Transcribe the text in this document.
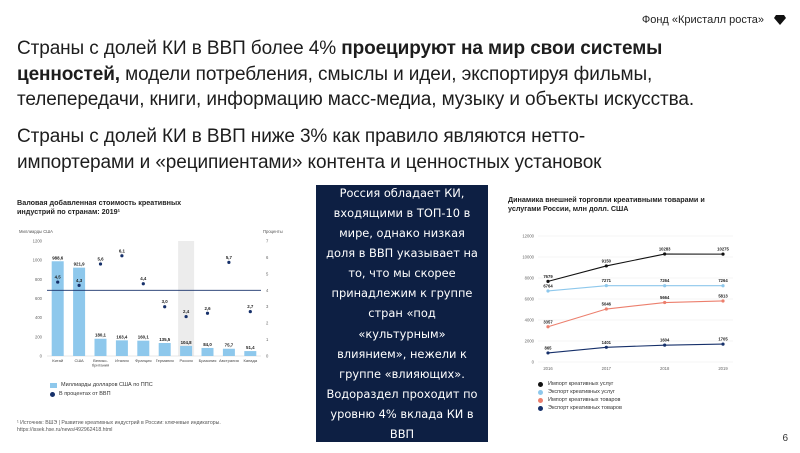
Фонд «Кристалл роста»

Страны с долей КИ в ВВП более 4% проецируют на мир свои системы ценностей, модели потребления, смыслы и идеи, экспортируя фильмы, телепередачи, книги, информацию масс-медиа, музыку и объекты искусства.

Страны с долей КИ в ВВП ниже 3% как правило являются нетто-импортерами и «реципиентами» контента и ценностных установок

Валовая добавленная стоимость креативных индустрий по странам: 2019¹
Динамика внешней торговли креативными товарами и услугами России, млн долл. США
Миллиарды США	Проценты
0
200
400
600
800
1000
1200
0
1
2
3
4
5
6
7
988,6
921,9
180,1 163,4 160,1 135,5
104,8	84,0	75,7	51,4
4,5
4,3
5,6
6,1
4,4
3,0
2,4
2,6
5,7
2,7
Китай	США	Велико-британия
Италия Франция Германия Россия Бразилия Австралия Канада	0
2000
4000
6000
8000
10000
12000
2016	2017	2018	2019
7679
9150
10283	10275
6764
7271	7264	7264
3357
5046
5664	5813
865
1401	1604	1705
Миллиарды долларов США по ППС
В процентах от ВВП
Импорт креативных услуг
Экспорт креативных услуг
Импорт креативных товаров
Экспорт креативных товаров
¹ Источник: ВШЭ | Развитие креативных индустрий в России: ключевые индикаторы. https://issek.hse.ru/news/492962418.html
Россия обладает КИ, входящими в ТОП-10 в мире, однако низкая доля в ВВП указывает на то, что мы скорее принадлежим к группе стран «под «культурным» влиянием», нежели к группе «влияющих». Водораздел проходит по уровню 4% вклада КИ в ВВП	6
